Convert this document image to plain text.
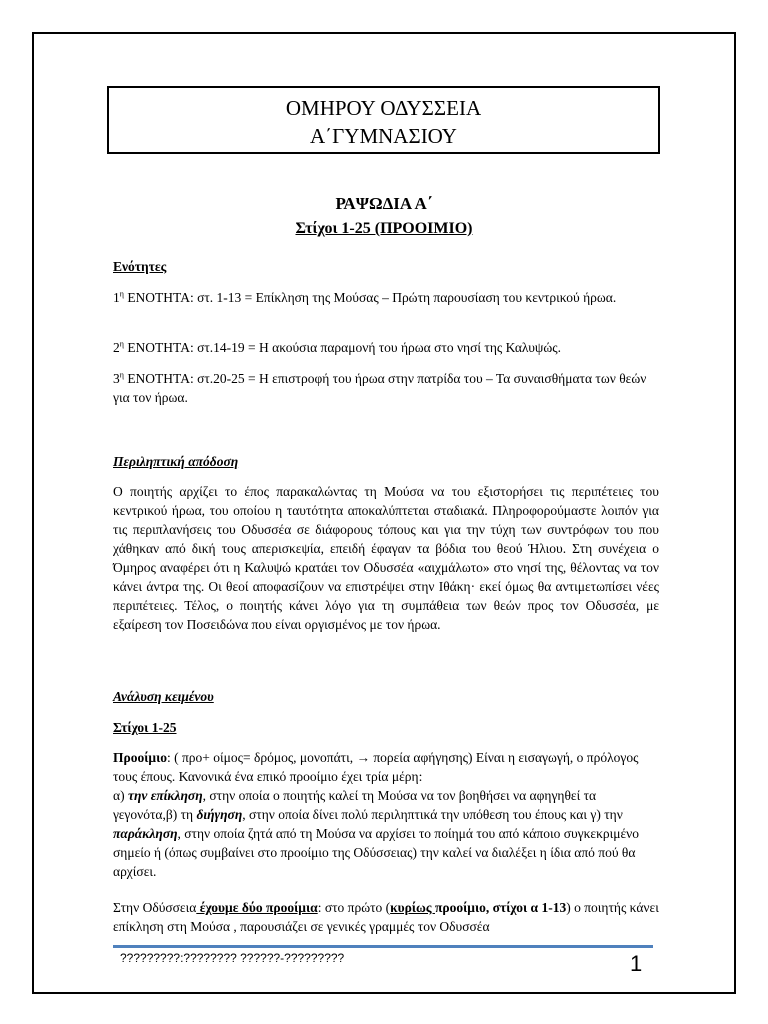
ΟΜΗΡΟΥ ΟΔΥΣΣΕΙΑ
Α΄ΓΥΜΝΑΣΙΟΥ
ΡΑΨΩΔΙΑ Α΄
Στίχοι 1-25 (ΠΡΟΟΙΜΙΟ)
Ενότητες
$1^\eta$ ΕΝΟΤΗΤΑ: στ. 1-13 = Επίκληση της Μούσας – Πρώτη παρουσίαση του κεντρικού ήρωα.
$2^\eta$ ΕΝΟΤΗΤΑ: στ.14-19 = Η ακούσια παραμονή του ήρωα στο νησί της Καλυψώς.
$3^\eta$ ΕΝΟΤΗΤΑ: στ.20-25 = Η επιστροφή του ήρωα στην πατρίδα του – Τα συναισθήματα των θεών για τον ήρωα.
Περιληπτική απόδοση
Ο ποιητής αρχίζει το έπος παρακαλώντας τη Μούσα να του εξιστορήσει τις περιπέτειες του κεντρικού ήρωα, του οποίου η ταυτότητα αποκαλύπτεται σταδιακά. Πληροφορούμαστε λοιπόν για τις περιπλανήσεις του Οδυσσέα σε διάφορους τόπους και για την τύχη των συντρόφων του που χάθηκαν από δική τους απερισκεψία, επειδή έφαγαν τα βόδια του θεού Ήλιου. Στη συνέχεια ο Όμηρος αναφέρει ότι η Καλυψώ κρατάει τον Οδυσσέα «αιχμάλωτο» στο νησί της, θέλοντας να τον κάνει άντρα της. Οι θεοί αποφασίζουν να επιστρέψει στην Ιθάκη· εκεί όμως θα αντιμετωπίσει νέες περιπέτειες. Τέλος, ο ποιητής κάνει λόγο για τη συμπάθεια των θεών προς τον Οδυσσέα, με εξαίρεση τον Ποσειδώνα που είναι οργισμένος με τον ήρωα.
Ανάλυση κειμένου
Στίχοι 1-25
Προοίμιο: ( προ+ οίμος= δρόμος, μονοπάτι, → πορεία αφήγησης) Είναι η εισαγωγή, ο πρόλογος τους έπους. Κανονικά ένα επικό προοίμιο έχει τρία μέρη:
α) την επίκληση, στην οποία ο ποιητής καλεί τη Μούσα να τον βοηθήσει να αφηγηθεί τα γεγονότα,β) τη διήγηση, στην οποία δίνει πολύ περιληπτικά την υπόθεση του έπους και γ) την παράκληση, στην οποία ζητά από τη Μούσα να αρχίσει το ποίημά του από κάποιο συγκεκριμένο σημείο ή (όπως συμβαίνει στο προοίμιο της Οδύσσειας) την καλεί να διαλέξει η ίδια από πού θα αρχίσει.
Στην Οδύσσεια έχουμε δύο προοίμια: στο πρώτο (κυρίως προοίμιο, στίχοι α 1-13) ο ποιητής κάνει επίκληση στη Μούσα , παρουσιάζει σε γενικές γραμμές τον Οδυσσέα
?????????:???????? ??????-?????????	1
